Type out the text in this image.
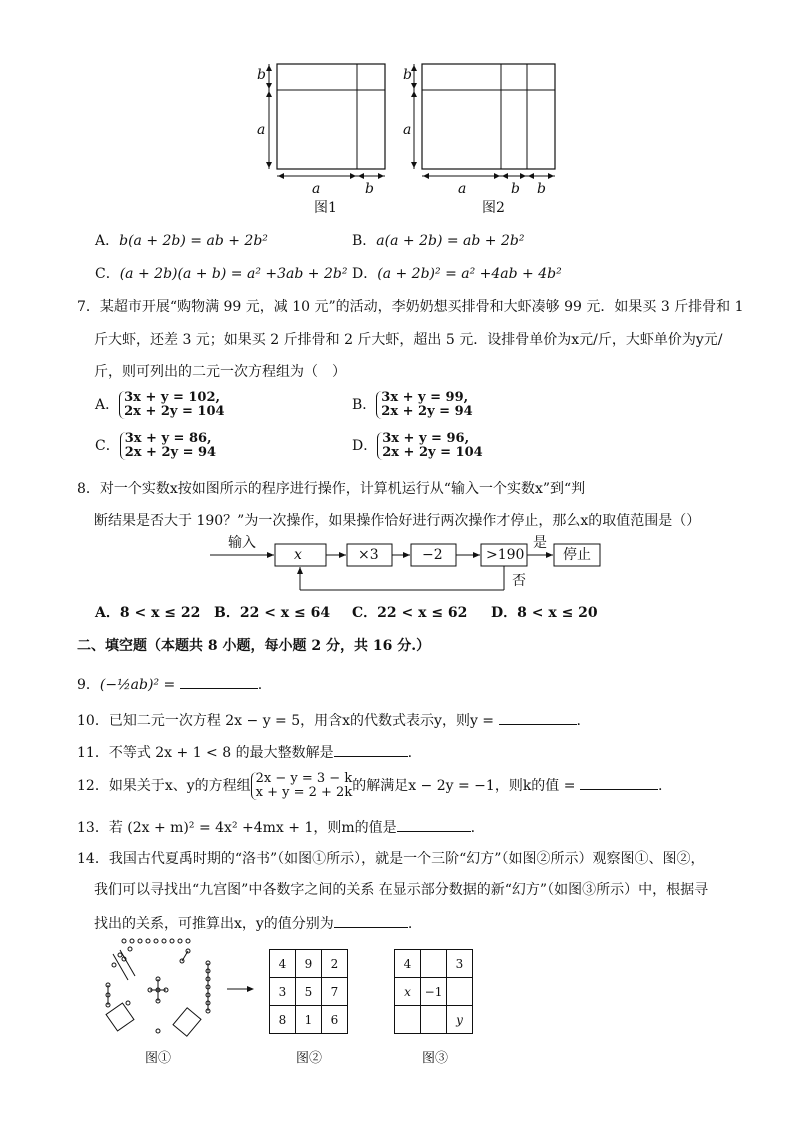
b
a
a	b
图1
b
a
a	b b
图2
A．b(a + 2b) = ab + 2b²	B．a(a + 2b) = ab + 2b²
C．(a + 2b)(a + b) = a² +3ab + 2b² D．(a + 2b)² = a² +4ab + 4b²
7．某超市开展“购物满 99 元，减 10 元”的活动，李奶奶想买排骨和大虾凑够 99 元．如果买 3 斤排骨和 1
斤大虾，还差 3 元；如果买 2 斤排骨和 2 斤大虾，超出 5 元．设排骨单价为x元/斤，大虾单价为y元/
斤，则可列出的二元一次方程组为（　）
A． 3x + y = 102,
2x + 2y = 104	B． 3x + y = 99,
2x + 2y = 94
C． 3x + y = 86,
2x + 2y = 94	D． 3x + y = 96,
2x + 2y = 104
8．对一个实数x按如图所示的程序进行操作，计算机运行从“输入一个实数x”到“判
断结果是否大于 190？”为一次操作，如果操作恰好进行两次操作才停止，那么x的取值范围是（）
输入
x	×3	−2	>190
是
停止
否
A．8 < x ≤ 22 B．22 < x ≤ 64 C．22 < x ≤ 62 D．8 < x ≤ 20
二、填空题（本题共 8 小题，每小题 2 分，共 16 分.）
9．(−½ab)² =	.
10．已知二元一次方程 2x − y = 5，用含x的代数式表示y，则y =	.
11．不等式 2x + 1 < 8 的最大整数解是	.
12．如果关于x、y的方程组 2x − y = 3 − k
x + y = 2 + 2k的解满足x − 2y = −1，则k的值 =	.
13．若 (2x + m)² = 4x² +4mx + 1，则m的值是	.
14．我国古代夏禹时期的“洛书”（如图①所示），就是一个三阶“幻方”（如图②所示）观察图①、图②，
我们可以寻找出“九宫图”中各数字之间的关系 在显示部分数据的新“幻方”（如图③所示）中，根据寻
找出的关系，可推算出x，y的值分别为	.
图①
4	9	2
3	5	7
8	1	6
图②
4		3
x	−1	
		y
图③
